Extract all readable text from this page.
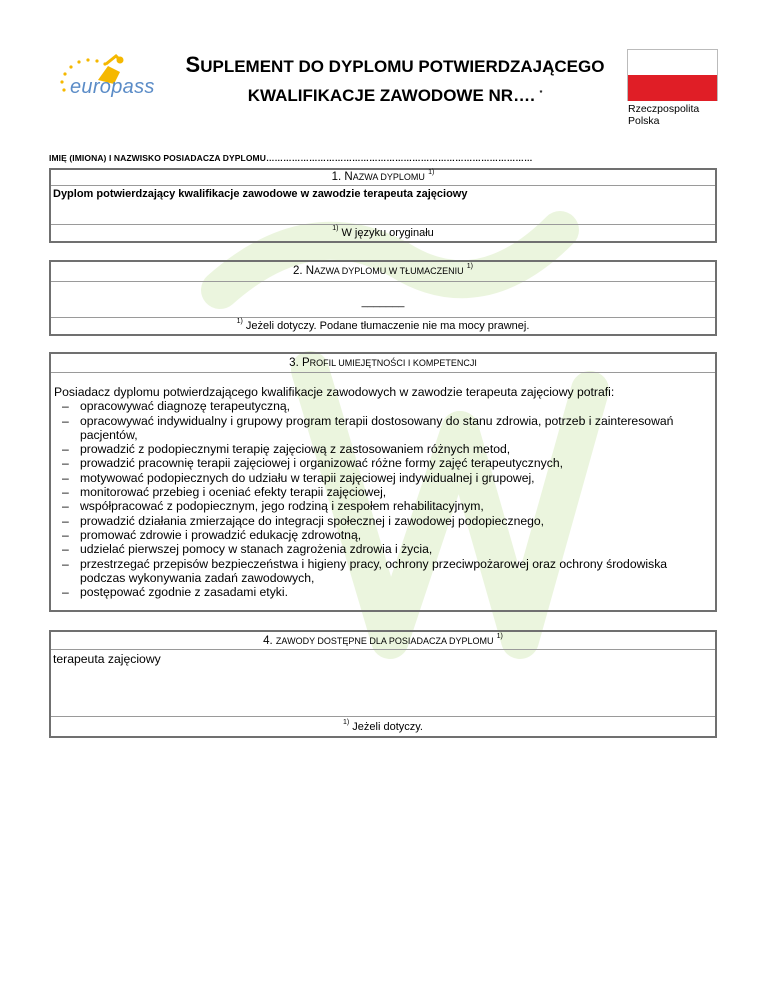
europass
SUPLEMENT DO DYPLOMU POTWIERDZAJĄCEGO
KWALIFIKACJE ZAWODOWE NR…. *
Rzeczpospolita Polska
IMIĘ (IMIONA) I NAZWISKO POSIADACZA DYPLOMU…………………………………………………………………………………
1. NAZWA DYPLOMU $^{1)}$
Dyplom potwierdzający kwalifikacje zawodowe w zawodzie terapeuta zajęciowy
$^{1)}$ W języku oryginału
2. NAZWA DYPLOMU W TŁUMACZENIU $^{1)}$
_______
$^{1)}$ Jeżeli dotyczy. Podane tłumaczenie nie ma mocy prawnej.
3. PROFIL UMIEJĘTNOŚCI I KOMPETENCJI
Posiadacz dyplomu potwierdzającego kwalifikacje zawodowych w zawodzie terapeuta zajęciowy potrafi:
– opracowywać diagnozę terapeutyczną,
– opracowywać indywidualny i grupowy program terapii dostosowany do stanu zdrowia, potrzeb i zainteresowań pacjentów,
– prowadzić z podopiecznymi terapię zajęciową z zastosowaniem różnych metod,
– prowadzić pracownię terapii zajęciowej i organizować różne formy zajęć terapeutycznych,
– motywować podopiecznych do udziału w terapii zajęciowej indywidualnej i grupowej,
– monitorować przebieg i oceniać efekty terapii zajęciowej,
– współpracować z podopiecznym, jego rodziną i zespołem rehabilitacyjnym,
– prowadzić działania zmierzające do integracji społecznej i zawodowej podopiecznego,
– promować zdrowie i prowadzić edukację zdrowotną,
– udzielać pierwszej pomocy w stanach zagrożenia zdrowia i życia,
– przestrzegać przepisów bezpieczeństwa i higieny pracy, ochrony przeciwpożarowej oraz ochrony środowiska podczas wykonywania zadań zawodowych,
– postępować zgodnie z zasadami etyki.
4. ZAWODY DOSTĘPNE DLA POSIADACZA DYPLOMU $^{1)}$
terapeuta zajęciowy
$^{1)}$ Jeżeli dotyczy.
